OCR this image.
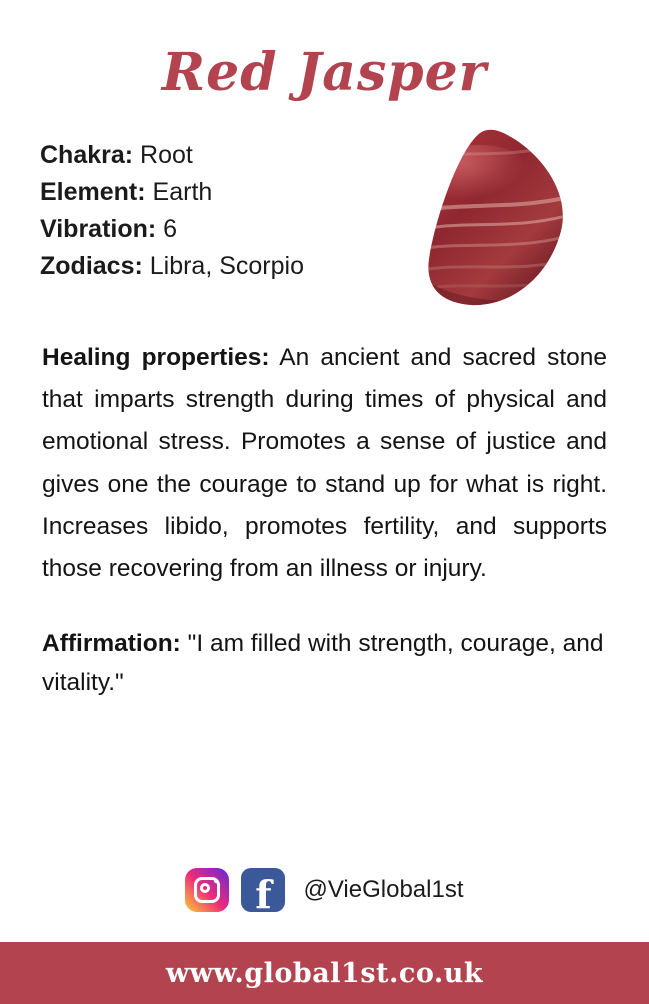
Red Jasper
Chakra: Root
Element: Earth
Vibration: 6
Zodiacs: Libra, Scorpio
Healing properties: An ancient and sacred stone that imparts strength during times of physical and emotional stress. Promotes a sense of justice and gives one the courage to stand up for what is right. Increases libido, promotes fertility, and supports those recovering from an illness or injury.
Affirmation: "I am filled with strength, courage, and vitality."
f @VieGlobal1st
www.global1st.co.uk
